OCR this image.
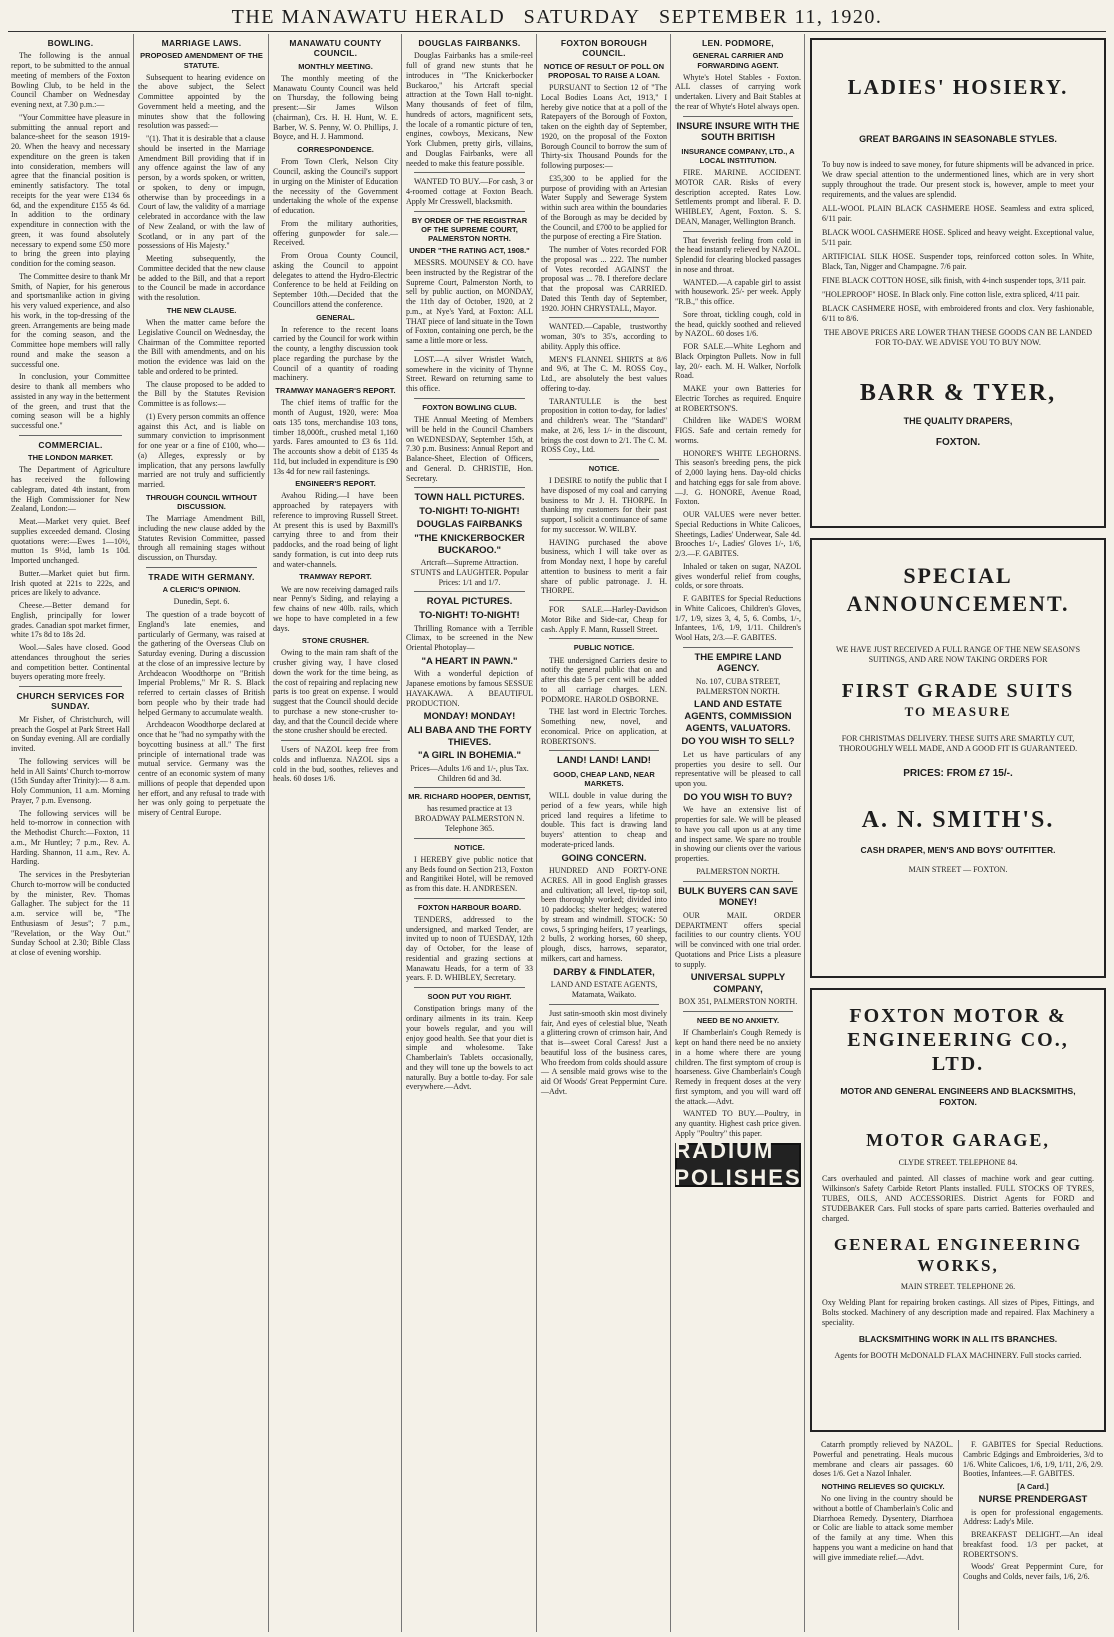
THE MANAWATU HERALD SATURDAY SEPTEMBER 11, 1920.
BOWLING.

The following is the annual report, to be submitted to the annual meeting of members of the Foxton Bowling Club, to be held in the Council Chamber on Wednesday evening next, at 7.30 p.m.:—

"Your Committee have pleasure in submitting the annual report and balance-sheet for the season 1919-20. When the heavy and necessary expenditure on the green is taken into consideration, members will agree that the financial position is eminently satisfactory. The total receipts for the year were £134 6s 6d, and the expenditure £155 4s 6d. In addition to the ordinary expenditure in connection with the green, it was found absolutely necessary to expend some £50 more to bring the green into playing condition for the coming season.

The Committee desire to thank Mr Smith, of Napier, for his generous and sportsmanlike action in giving his very valued experience, and also his work, in the top-dressing of the green. Arrangements are being made for the coming season, and the Committee hope members will rally round and make the season a successful one.

In conclusion, your Committee desire to thank all members who assisted in any way in the betterment of the green, and trust that the coming season will be a highly successful one."

COMMERCIAL.
THE LONDON MARKET.

The Department of Agriculture has received the following cablegram, dated 4th instant, from the High Commissioner for New Zealand, London:—

Meat.—Market very quiet. Beef supplies exceeded demand. Closing quotations were:—Ewes 1—10½, mutton 1s 9½d, lamb 1s 10d. Imported unchanged.

Butter.—Market quiet but firm. Irish quoted at 221s to 222s, and prices are likely to advance.

Cheese.—Better demand for English, principally for lower grades. Canadian spot market firmer, white 17s 8d to 18s 2d.

Wool.—Sales have closed. Good attendances throughout the series and competition better. Continental buyers operating more freely.

CHURCH SERVICES FOR SUNDAY.

Mr Fisher, of Christchurch, will preach the Gospel at Park Street Hall on Sunday evening. All are cordially invited.

The following services will be held in All Saints' Church to-morrow (15th Sunday after Trinity):— 8 a.m. Holy Communion, 11 a.m. Morning Prayer, 7 p.m. Evensong.

The following services will be held to-morrow in connection with the Methodist Church:—Foxton, 11 a.m., Mr Huntley; 7 p.m., Rev. A. Harding. Shannon, 11 a.m., Rev. A. Harding.

The services in the Presbyterian Church to-morrow will be conducted by the minister, Rev. Thomas Gallagher. The subject for the 11 a.m. service will be, "The Enthusiasm of Jesus"; 7 p.m., "Revelation, or the Way Out." Sunday School at 2.30; Bible Class at close of evening worship.

MARRIAGE LAWS.
PROPOSED AMENDMENT OF THE STATUTE.

Subsequent to hearing evidence on the above subject, the Select Committee appointed by the Government held a meeting, and the minutes show that the following resolution was passed:—

"(1). That it is desirable that a clause should be inserted in the Marriage Amendment Bill providing that if in any offence against the law of any person, by a words spoken, or written, or spoken, to deny or impugn, otherwise than by proceedings in a Court of law, the validity of a marriage celebrated in accordance with the law of New Zealand, or with the law of Scotland, or in any part of the possessions of His Majesty."

Meeting subsequently, the Committee decided that the new clause be added to the Bill, and that a report to the Council be made in accordance with the resolution.

THE NEW CLAUSE.

When the matter came before the Legislative Council on Wednesday, the Chairman of the Committee reported the Bill with amendments, and on his motion the evidence was laid on the table and ordered to be printed.

The clause proposed to be added to the Bill by the Statutes Revision Committee is as follows:—

(1) Every person commits an offence against this Act, and is liable on summary conviction to imprisonment for one year or a fine of £100, who—(a) Alleges, expressly or by implication, that any persons lawfully married are not truly and sufficiently married.

THROUGH COUNCIL WITHOUT DISCUSSION.

The Marriage Amendment Bill, including the new clause added by the Statutes Revision Committee, passed through all remaining stages without discussion, on Thursday.

TRADE WITH GERMANY.
A CLERIC'S OPINION.

Dunedin, Sept. 6.

The question of a trade boycott of England's late enemies, and particularly of Germany, was raised at the gathering of the Overseas Club on Saturday evening. During a discussion at the close of an impressive lecture by Archdeacon Woodthorpe on "British Imperial Problems," Mr R. S. Black referred to certain classes of British born people who by their trade had helped Germany to accumulate wealth.

Archdeacon Woodthorpe declared at once that he "had no sympathy with the boycotting business at all." The first principle of international trade was mutual service. Germany was the centre of an economic system of many millions of people that depended upon her effort, and any refusal to trade with her was only going to perpetuate the misery of Central Europe.

MANAWATU COUNTY COUNCIL.
MONTHLY MEETING.

The monthly meeting of the Manawatu County Council was held on Thursday, the following being present:—Sir James Wilson (chairman), Crs. H. H. Hunt, W. E. Barber, W. S. Penny, W. O. Phillips, J. Boyce, and H. J. Hammond.

CORRESPONDENCE.

From Town Clerk, Nelson City Council, asking the Council's support in urging on the Minister of Education the necessity of the Government undertaking the whole of the expense of education.

From the military authorities, offering gunpowder for sale.—Received.

From Oroua County Council, asking the Council to appoint delegates to attend the Hydro-Electric Conference to be held at Feilding on September 10th.—Decided that the Councillors attend the conference.

GENERAL.

In reference to the recent loans carried by the Council for work within the county, a lengthy discussion took place regarding the purchase by the Council of a quantity of roading machinery.

TRAMWAY MANAGER'S REPORT.

The chief items of traffic for the month of August, 1920, were: Moa oats 135 tons, merchandise 103 tons, timber 18,000ft., crushed metal 1,160 yards. Fares amounted to £3 6s 11d. The accounts show a debit of £135 4s 11d, but included in expenditure is £90 13s 4d for new rail fastenings.

ENGINEER'S REPORT.

Avahou Riding.—I have been approached by ratepayers with reference to improving Russell Street. At present this is used by Baxmill's carrying three to and from their paddocks, and the road being of light sandy formation, is cut into deep ruts and water-channels.

TRAMWAY REPORT.

We are now receiving damaged rails near Penny's Siding, and relaying a few chains of new 40lb. rails, which we hope to have completed in a few days.

STONE CRUSHER.

Owing to the main ram shaft of the crusher giving way, I have closed down the work for the time being, as the cost of repairing and replacing new parts is too great on expense. I would suggest that the Council should decide to purchase a new stone-crusher to-day, and that the Council decide where the stone crusher should be erected.

Users of NAZOL keep free from colds and influenza. NAZOL sips a cold in the bud, soothes, relieves and heals. 60 doses 1/6.

DOUGLAS FAIRBANKS.

Douglas Fairbanks has a smile-reel full of grand new stunts that he introduces in "The Knickerbocker Buckaroo," his Artcraft special attraction at the Town Hall to-night. Many thousands of feet of film, hundreds of actors, magnificent sets, the locale of a romantic picture of ten, engines, cowboys, Mexicans, New York Clubmen, pretty girls, villains, and Douglas Fairbanks, were all needed to make this feature possible.

WANTED TO BUY.—For cash, 3 or 4-roomed cottage at Foxton Beach. Apply Mr Cresswell, blacksmith.

BY ORDER OF THE REGISTRAR OF THE SUPREME COURT, PALMERSTON NORTH.
UNDER "THE RATING ACT, 1908."

MESSRS. MOUNSEY & CO. have been instructed by the Registrar of the Supreme Court, Palmerston North, to sell by public auction, on MONDAY, the 11th day of October, 1920, at 2 p.m., at Nye's Yard, at Foxton: ALL THAT piece of land situate in the Town of Foxton, containing one perch, be the same a little more or less.

LOST.—A silver Wristlet Watch, somewhere in the vicinity of Thynne Street. Reward on returning same to this office.

FOXTON BOWLING CLUB.

THE Annual Meeting of Members will be held in the Council Chambers on WEDNESDAY, September 15th, at 7.30 p.m. Business: Annual Report and Balance-Sheet, Election of Officers, and General. D. CHRISTIE, Hon. Secretary.

TOWN HALL PICTURES.
TO-NIGHT! TO-NIGHT!
DOUGLAS FAIRBANKS
"THE KNICKERBOCKER BUCKAROO."

Artcraft—Supreme Attraction. STUNTS and LAUGHTER. Popular Prices: 1/1 and 1/7.

ROYAL PICTURES.
TO-NIGHT! TO-NIGHT!

Thrilling Romance with a Terrible Climax, to be screened in the New Oriental Photoplay—

"A HEART IN PAWN."

With a wonderful depiction of Japanese emotions by famous SESSUE HAYAKAWA. A BEAUTIFUL PRODUCTION.

MONDAY! MONDAY!
ALI BABA AND THE FORTY THIEVES.
"A GIRL IN BOHEMIA."

Prices—Adults 1/6 and 1/-, plus Tax. Children 6d and 3d.

MR. RICHARD HOOPER, DENTIST,

has resumed practice at 13 BROADWAY PALMERSTON N. Telephone 365.

NOTICE.

I HEREBY give public notice that any Beds found on Section 213, Foxton and Rangitikei Hotel, will be removed as from this date. H. ANDRESEN.

FOXTON HARBOUR BOARD.

TENDERS, addressed to the undersigned, and marked Tender, are invited up to noon of TUESDAY, 12th day of October, for the lease of residential and grazing sections at Manawatu Heads, for a term of 33 years. F. D. WHIBLEY, Secretary.

SOON PUT YOU RIGHT.

Constipation brings many of the ordinary ailments in its train. Keep your bowels regular, and you will enjoy good health. See that your diet is simple and wholesome. Take Chamberlain's Tablets occasionally, and they will tone up the bowels to act naturally. Buy a bottle to-day. For sale everywhere.—Advt.

FOXTON BOROUGH COUNCIL.
NOTICE OF RESULT OF POLL ON PROPOSAL TO RAISE A LOAN.

PURSUANT to Section 12 of "The Local Bodies Loans Act, 1913," I hereby give notice that at a poll of the Ratepayers of the Borough of Foxton, taken on the eighth day of September, 1920, on the proposal of the Foxton Borough Council to borrow the sum of Thirty-six Thousand Pounds for the following purposes:—

£35,300 to be applied for the purpose of providing with an Artesian Water Supply and Sewerage System within such area within the boundaries of the Borough as may be decided by the Council, and £700 to be applied for the purpose of erecting a Fire Station.

The number of Votes recorded FOR the proposal was ... 222. The number of Votes recorded AGAINST the proposal was ... 78. I therefore declare that the proposal was CARRIED. Dated this Tenth day of September, 1920. JOHN CHRYSTALL, Mayor.

WANTED.—Capable, trustworthy woman, 30's to 35's, according to ability. Apply this office.

MEN'S FLANNEL SHIRTS at 8/6 and 9/6, at The C. M. ROSS Coy., Ltd., are absolutely the best values offering to-day.

TARANTULLE is the best proposition in cotton to-day, for ladies' and children's wear. The "Standard" make, at 2/6, less 1/- in the discount, brings the cost down to 2/1. The C. M. ROSS Coy., Ltd.

NOTICE.

I DESIRE to notify the public that I have disposed of my coal and carrying business to Mr J. H. THORPE. In thanking my customers for their past support, I solicit a continuance of same for my successor. W. WILBY.

HAVING purchased the above business, which I will take over as from Monday next, I hope by careful attention to business to merit a fair share of public patronage. J. H. THORPE.

FOR SALE.—Harley-Davidson Motor Bike and Side-car, Cheap for cash. Apply F. Mann, Russell Street.

PUBLIC NOTICE.

THE undersigned Carriers desire to notify the general public that on and after this date 5 per cent will be added to all carriage charges. LEN. PODMORE. HAROLD OSBORNE.

THE last word in Electric Torches. Something new, novel, and economical. Price on application, at ROBERTSON'S.

LAND! LAND! LAND!
GOOD, CHEAP LAND, NEAR MARKETS.

WILL double in value during the period of a few years, while high priced land requires a lifetime to double. This fact is drawing land buyers' attention to cheap and moderate-priced lands.

GOING CONCERN.

HUNDRED AND FORTY-ONE ACRES. All in good English grasses and cultivation; all level, tip-top soil, been thoroughly worked; divided into 10 paddocks; shelter hedges; watered by stream and windmill. STOCK: 50 cows, 5 springing heifers, 17 yearlings, 2 bulls, 2 working horses, 60 sheep, plough, discs, harrows, separator, milkers, cart and harness.

DARBY & FINDLATER,

LAND AND ESTATE AGENTS, Matamata, Waikato.

Just satin-smooth skin most divinely fair, And eyes of celestial blue, 'Neath a glittering crown of crimson hair, And that is—sweet Coral Caress! Just a beautiful loss of the business cares, Who freedom from colds should assure— A sensible maid grows wise to the aid Of Woods' Great Peppermint Cure.—Advt.

LEN. PODMORE,
GENERAL CARRIER AND FORWARDING AGENT.

Whyte's Hotel Stables - Foxton. ALL classes of carrying work undertaken. Livery and Bait Stables at the rear of Whyte's Hotel always open.

INSURE INSURE WITH THE SOUTH BRITISH
INSURANCE COMPANY, LTD., A LOCAL INSTITUTION.

FIRE. MARINE. ACCIDENT. MOTOR CAR. Risks of every description accepted. Rates Low. Settlements prompt and liberal. F. D. WHIBLEY, Agent, Foxton. S. S. DEAN, Manager, Wellington Branch.

That feverish feeling from cold in the head instantly relieved by NAZOL. Splendid for clearing blocked passages in nose and throat.

WANTED.—A capable girl to assist with housework. 25/- per week. Apply "R.B.," this office.

Sore throat, tickling cough, cold in the head, quickly soothed and relieved by NAZOL. 60 doses 1/6.

FOR SALE.—White Leghorn and Black Orpington Pullets. Now in full lay, 20/- each. M. H. Walker, Norfolk Road.

MAKE your own Batteries for Electric Torches as required. Enquire at ROBERTSON'S.

Children like WADE'S WORM FIGS. Safe and certain remedy for worms.

HONORE'S WHITE LEGHORNS. This season's breeding pens, the pick of 2,000 laying hens. Day-old chicks and hatching eggs for sale from above.—J. G. HONORE, Avenue Road, Foxton.

OUR VALUES were never better. Special Reductions in White Calicoes, Sheetings, Ladies' Underwear, Sale 4d. Brooches 1/-, Ladies' Gloves 1/-, 1/6, 2/3.—F. GABITES.

Inhaled or taken on sugar, NAZOL gives wonderful relief from coughs, colds, or sore throats.

F. GABITES for Special Reductions in White Calicoes, Children's Gloves, 1/7, 1/9, sizes 3, 4, 5, 6. Combs, 1/-, Infantees, 1/6, 1/9, 1/11. Children's Wool Hats, 2/3.—F. GABITES.

THE EMPIRE LAND AGENCY.

No. 107, CUBA STREET, PALMERSTON NORTH.

LAND AND ESTATE AGENTS, COMMISSION AGENTS, VALUATORS.
DO YOU WISH TO SELL?

Let us have particulars of any properties you desire to sell. Our representative will be pleased to call upon you.

DO YOU WISH TO BUY?

We have an extensive list of properties for sale. We will be pleased to have you call upon us at any time and inspect same. We spare no trouble in showing our clients over the various properties.

PALMERSTON NORTH.

BULK BUYERS CAN SAVE MONEY!

OUR MAIL ORDER DEPARTMENT offers special facilities to our country clients. YOU will be convinced with one trial order. Quotations and Price Lists a pleasure to supply.

UNIVERSAL SUPPLY COMPANY,

BOX 351, PALMERSTON NORTH.

NEED BE NO ANXIETY.

If Chamberlain's Cough Remedy is kept on hand there need be no anxiety in a home where there are young children. The first symptom of croup is hoarseness. Give Chamberlain's Cough Remedy in frequent doses at the very first symptom, and you will ward off the attack.—Advt.

WANTED TO BUY.—Poultry, in any quantity. Highest cash price given. Apply "Poultry" this paper.

RADIUM POLISHES
LADIES' HOSIERY.
GREAT BARGAINS IN SEASONABLE STYLES.

To buy now is indeed to save money, for future shipments will be advanced in price. We draw special attention to the undermentioned lines, which are in very short supply throughout the trade. Our present stock is, however, ample to meet your requirements, and the values are splendid.

ALL-WOOL PLAIN BLACK CASHMERE HOSE. Seamless and extra spliced, 6/11 pair.

BLACK WOOL CASHMERE HOSE. Spliced and heavy weight. Exceptional value, 5/11 pair.

ARTIFICIAL SILK HOSE. Suspender tops, reinforced cotton soles. In White, Black, Tan, Nigger and Champagne. 7/6 pair.

FINE BLACK COTTON HOSE, silk finish, with 4-inch suspender tops, 3/11 pair.

"HOLEPROOF" HOSE. In Black only. Fine cotton lisle, extra spliced, 4/11 pair.

BLACK CASHMERE HOSE, with embroidered fronts and clox. Very fashionable, 6/11 to 8/6.

THE ABOVE PRICES ARE LOWER THAN THESE GOODS CAN BE LANDED FOR TO-DAY. WE ADVISE YOU TO BUY NOW.

BARR & TYER,
THE QUALITY DRAPERS,
FOXTON.
SPECIAL
ANNOUNCEMENT.

WE HAVE JUST RECEIVED A FULL RANGE OF THE NEW SEASON'S SUITINGS, AND ARE NOW TAKING ORDERS FOR

FIRST GRADE SUITS
TO MEASURE

FOR CHRISTMAS DELIVERY. THESE SUITS ARE SMARTLY CUT, THOROUGHLY WELL MADE, AND A GOOD FIT IS GUARANTEED.

PRICES: FROM £7 15/-.
A. N. SMITH'S.
CASH DRAPER, MEN'S AND BOYS' OUTFITTER.
MAIN STREET — FOXTON.
FOXTON MOTOR & ENGINEERING CO., LTD.
MOTOR AND GENERAL ENGINEERS AND BLACKSMITHS, FOXTON.
MOTOR GARAGE,
CLYDE STREET. TELEPHONE 84.

Cars overhauled and painted. All classes of machine work and gear cutting. Wilkinson's Safety Carbide Retort Plants installed. FULL STOCKS OF TYRES, TUBES, OILS, AND ACCESSORIES. District Agents for FORD and STUDEBAKER Cars. Full stocks of spare parts carried. Batteries overhauled and charged.

GENERAL ENGINEERING WORKS,
MAIN STREET. TELEPHONE 26.

Oxy Welding Plant for repairing broken castings. All sizes of Pipes, Fittings, and Bolts stocked. Machinery of any description made and repaired. Flax Machinery a speciality.

BLACKSMITHING WORK IN ALL ITS BRANCHES.

Agents for BOOTH McDONALD FLAX MACHINERY. Full stocks carried.

Catarrh promptly relieved by NAZOL. Powerful and penetrating. Heals mucous membrane and clears air passages. 60 doses 1/6. Get a Nazol Inhaler.

NOTHING RELIEVES SO QUICKLY.

No one living in the country should be without a bottle of Chamberlain's Colic and Diarrhoea Remedy. Dysentery, Diarrhoea or Colic are liable to attack some member of the family at any time. When this happens you want a medicine on hand that will give immediate relief.—Advt.

F. GABITES for Special Reductions. Cambric Edgings and Embroideries, 3/d to 1/6. White Calicoes, 1/6, 1/9, 1/11, 2/6, 2/9. Booties, Infantees.—F. GABITES.

[A Card.]
NURSE PRENDERGAST

is open for professional engagements. Address: Lady's Mile.

BREAKFAST DELIGHT.—An ideal breakfast food. 1/3 per packet, at ROBERTSON'S.

Woods' Great Peppermint Cure, for Coughs and Colds, never fails, 1/6, 2/6.
